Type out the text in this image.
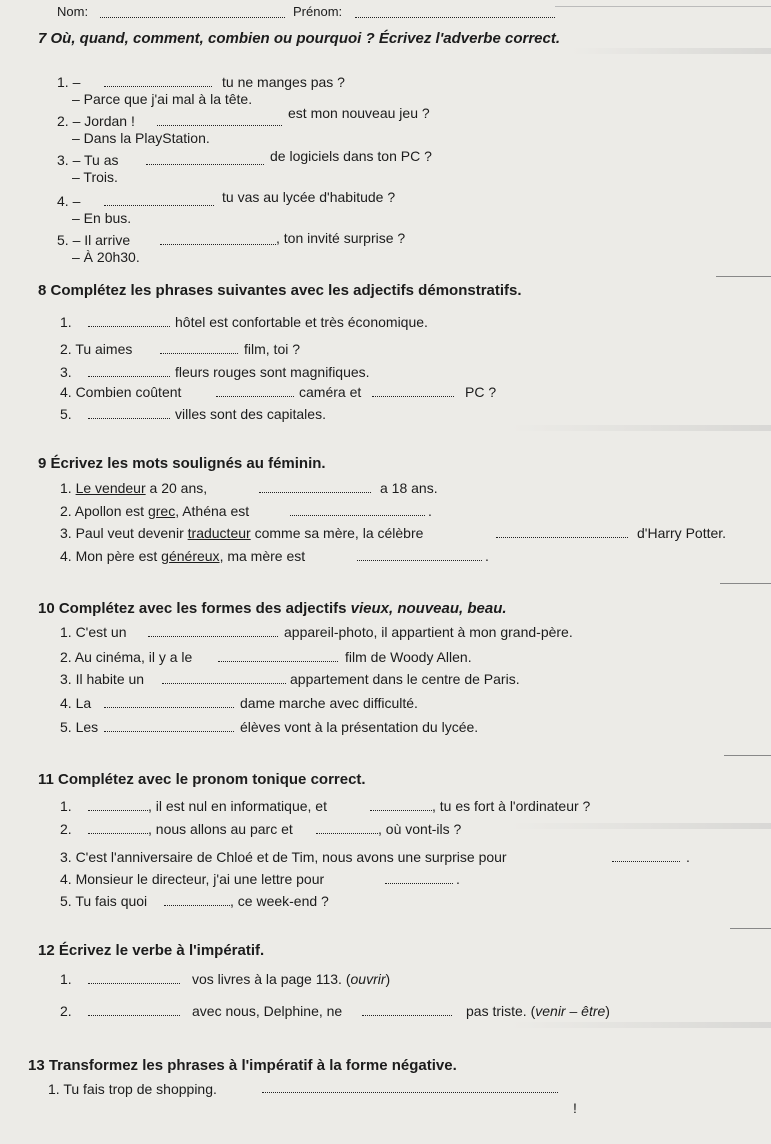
Nom:	Prénom:
7 Où, quand, comment, combien ou pourquoi ? Écrivez l'adverbe correct.
1. –	tu ne manges pas ?
– Parce que j'ai mal à la tête.
2. – Jordan !	est mon nouveau jeu ?
– Dans la PlayStation.
3. – Tu as	de logiciels dans ton PC ?
– Trois.
4. –	tu vas au lycée d'habitude ?
– En bus.
5. – Il arrive	, ton invité surprise ?
– À 20h30.
8 Complétez les phrases suivantes avec les adjectifs démonstratifs.
1.	hôtel est confortable et très économique.
2. Tu aimes	film, toi ?
3.	fleurs rouges sont magnifiques.
4. Combien coûtent	caméra et	PC ?
5.	villes sont des capitales.
9 Écrivez les mots soulignés au féminin.
1. Le vendeur a 20 ans,	a 18 ans.
2. Apollon est grec, Athéna est	.
3. Paul veut devenir traducteur comme sa mère, la célèbre	d'Harry Potter.
4. Mon père est généreux, ma mère est	.
10 Complétez avec les formes des adjectifs vieux, nouveau, beau.
1. C'est un	appareil-photo, il appartient à mon grand-père.
2. Au cinéma, il y a le	film de Woody Allen.
3. Il habite un	appartement dans le centre de Paris.
4. La	dame marche avec difficulté.
5. Les	élèves vont à la présentation du lycée.
11 Complétez avec le pronom tonique correct.
1.	, il est nul en informatique, et	, tu es fort à l'ordinateur ?
2.	, nous allons au parc et	, où vont-ils ?
3. C'est l'anniversaire de Chloé et de Tim, nous avons une surprise pour	.
4. Monsieur le directeur, j'ai une lettre pour	.
5. Tu fais quoi	, ce week-end ?
12 Écrivez le verbe à l'impératif.
1.	vos livres à la page 113. (ouvrir)
2.	avec nous, Delphine, ne	pas triste. (venir – être)
13 Transformez les phrases à l'impératif à la forme négative.
1. Tu fais trop de shopping.
!
